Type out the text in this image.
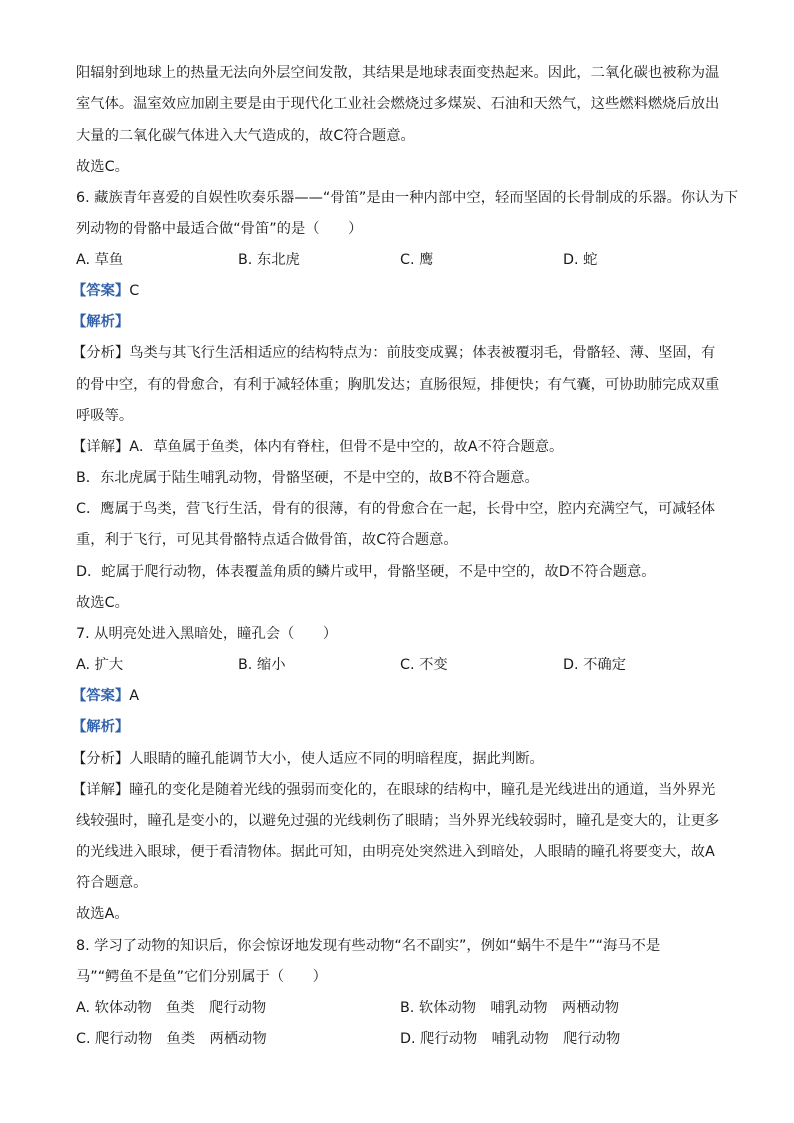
阳辐射到地球上的热量无法向外层空间发散，其结果是地球表面变热起来。因此，二氧化碳也被称为温
室气体。温室效应加剧主要是由于现代化工业社会燃烧过多煤炭、石油和天然气，这些燃料燃烧后放出
大量的二氧化碳气体进入大气造成的，故C符合题意。
故选C。
6. 藏族青年喜爱的自娱性吹奏乐器——“骨笛”是由一种内部中空，轻而坚固的长骨制成的乐器。你认为下
列动物的骨骼中最适合做“骨笛”的是（　　）
A. 草鱼	B. 东北虎	C. 鹰	D. 蛇
【答案】C
【解析】
【分析】鸟类与其飞行生活相适应的结构特点为：前肢变成翼；体表被覆羽毛，骨骼轻、薄、坚固，有
的骨中空，有的骨愈合，有利于减轻体重；胸肌发达；直肠很短，排便快；有气囊，可协助肺完成双重
呼吸等。
【详解】A．草鱼属于鱼类，体内有脊柱，但骨不是中空的，故A不符合题意。
B．东北虎属于陆生哺乳动物，骨骼坚硬，不是中空的，故B不符合题意。
C．鹰属于鸟类，营飞行生活，骨有的很薄，有的骨愈合在一起，长骨中空，腔内充满空气，可减轻体
重，利于飞行，可见其骨骼特点适合做骨笛，故C符合题意。
D．蛇属于爬行动物，体表覆盖角质的鳞片或甲，骨骼坚硬，不是中空的，故D不符合题意。
故选C。
7. 从明亮处进入黑暗处，瞳孔会（　　）
A. 扩大	B. 缩小	C. 不变	D. 不确定
【答案】A
【解析】
【分析】人眼睛的瞳孔能调节大小，使人适应不同的明暗程度，据此判断。
【详解】瞳孔的变化是随着光线的强弱而变化的，在眼球的结构中，瞳孔是光线进出的通道，当外界光
线较强时，瞳孔是变小的，以避免过强的光线刺伤了眼睛；当外界光线较弱时，瞳孔是变大的，让更多
的光线进入眼球，便于看清物体。据此可知，由明亮处突然进入到暗处，人眼睛的瞳孔将要变大，故A
符合题意。
故选A。
8. 学习了动物的知识后，你会惊讶地发现有些动物“名不副实”，例如“蜗牛不是牛”“海马不是
马”“鳄鱼不是鱼”它们分别属于（　　）
A. 软体动物　鱼类　爬行动物	B. 软体动物　哺乳动物　两栖动物
C. 爬行动物　鱼类　两栖动物	D. 爬行动物　哺乳动物　爬行动物
